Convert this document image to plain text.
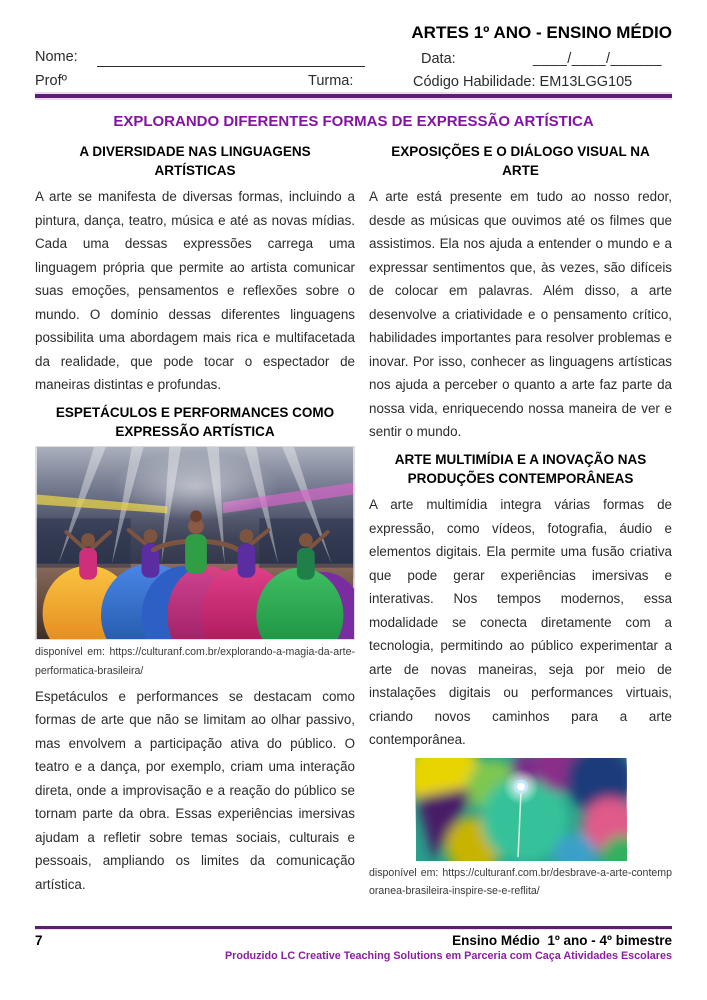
ARTES 1º ANO - ENSINO MÉDIO
Nome:	Data:	____/____/______
Profº	Turma:	Código Habilidade: EM13LGG105
EXPLORANDO DIFERENTES FORMAS DE EXPRESSÃO ARTÍSTICA
A DIVERSIDADE NAS LINGUAGENS ARTÍSTICAS

A arte se manifesta de diversas formas, incluindo a pintura, dança, teatro, música e até as novas mídias. Cada uma dessas expressões carrega uma linguagem própria que permite ao artista comunicar suas emoções, pensamentos e reflexões sobre o mundo. O domínio dessas diferentes linguagens possibilita uma abordagem mais rica e multifacetada da realidade, que pode tocar o espectador de maneiras distintas e profundas.

ESPETÁCULOS E PERFORMANCES COMO EXPRESSÃO ARTÍSTICA
disponível em: https://culturanf.com.br/explorando-a-magia-da-arte-performatica-brasileira/

Espetáculos e performances se destacam como formas de arte que não se limitam ao olhar passivo, mas envolvem a participação ativa do público. O teatro e a dança, por exemplo, criam uma interação direta, onde a improvisação e a reação do público se tornam parte da obra. Essas experiências imersivas ajudam a refletir sobre temas sociais, culturais e pessoais, ampliando os limites da comunicação artística.

EXPOSIÇÕES E O DIÁLOGO VISUAL NA ARTE

A arte está presente em tudo ao nosso redor, desde as músicas que ouvimos até os filmes que assistimos. Ela nos ajuda a entender o mundo e a expressar sentimentos que, às vezes, são difíceis de colocar em palavras. Além disso, a arte desenvolve a criatividade e o pensamento crítico, habilidades importantes para resolver problemas e inovar. Por isso, conhecer as linguagens artísticas nos ajuda a perceber o quanto a arte faz parte da nossa vida, enriquecendo nossa maneira de ver e sentir o mundo.

ARTE MULTIMÍDIA E A INOVAÇÃO NAS PRODUÇÕES CONTEMPORÂNEAS

A arte multimídia integra várias formas de expressão, como vídeos, fotografia, áudio e elementos digitais. Ela permite uma fusão criativa que pode gerar experiências imersivas e interativas. Nos tempos modernos, essa modalidade se conecta diretamente com a tecnologia, permitindo ao público experimentar a arte de novas maneiras, seja por meio de instalações digitais ou performances virtuais, criando novos caminhos para a arte contemporânea.

disponível em: https://culturanf.com.br/desbrave-a-arte-contemporanea-brasileira-inspire-se-e-reflita/
7	Ensino Médio  1º ano - 4º bimestre
Produzido LC Creative Teaching Solutions em Parceria com Caça Atividades Escolares
